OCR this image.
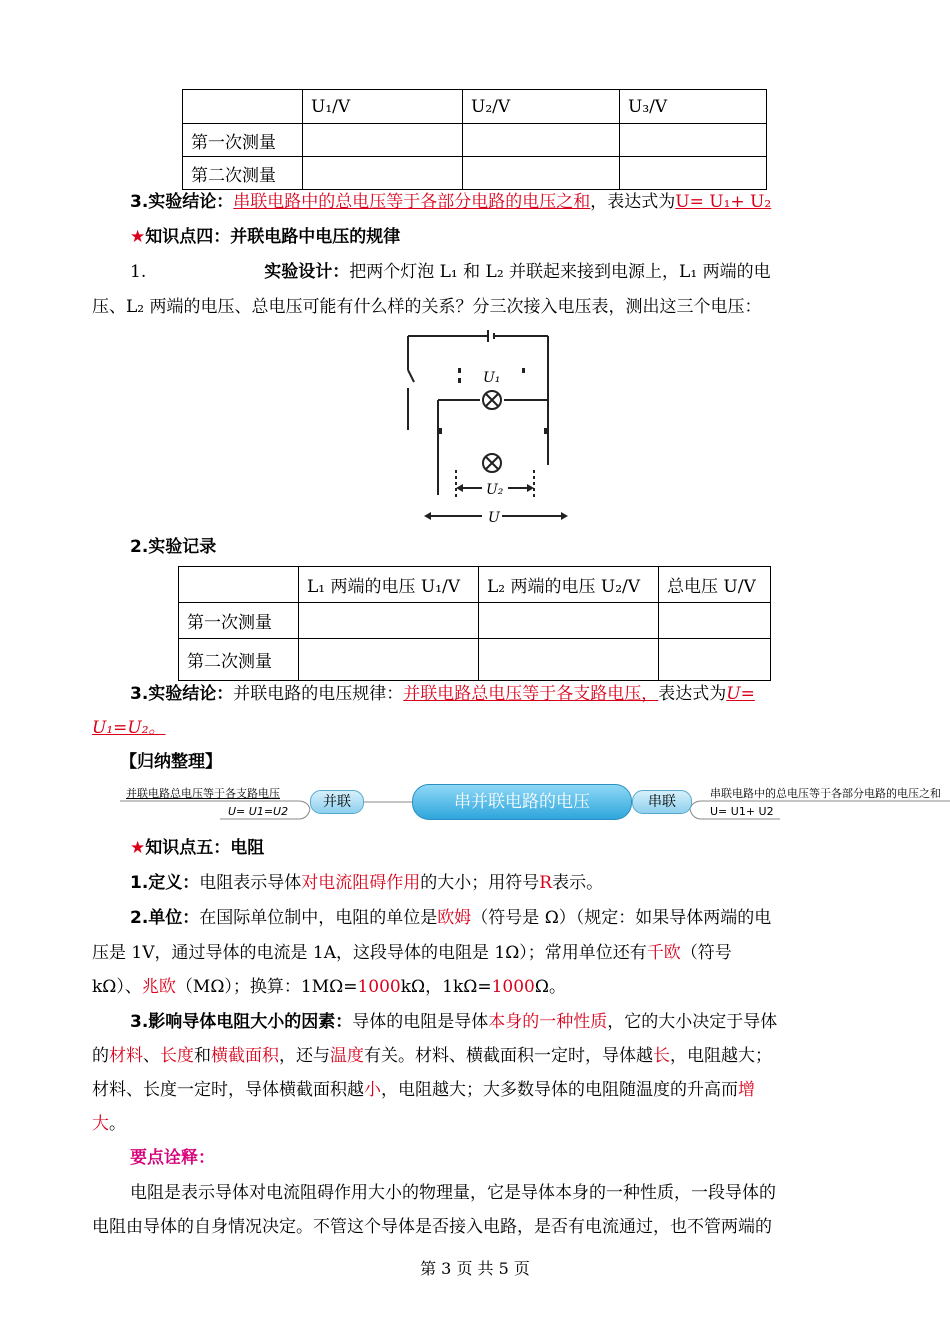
	U₁/V	U₂/V	U₃/V
第一次测量			
第二次测量			
3.实验结论：串联电路中的总电压等于各部分电路的电压之和，表达式为U= U₁+ U₂
★知识点四：并联电路中电压的规律
1.	实验设计：把两个灯泡 L₁ 和 L₂ 并联起来接到电源上，L₁ 两端的电
压、L₂ 两端的电压、总电压可能有什么样的关系？分三次接入电压表，测出这三个电压：
U₁
U₂
U
2.实验记录
	L₁ 两端的电压 U₁/V	L₂ 两端的电压 U₂/V	总电压 U/V
第一次测量			
第二次测量			
3.实验结论：并联电路的电压规律：并联电路总电压等于各支路电压，表达式为U=
U₁=U₂。
【归纳整理】
并联电路总电压等于各支路电压
U= U1=U2
并联	串并联电路的电压	串联
串联电路中的总电压等于各部分电路的电压之和
U= U1+ U2
★知识点五：电阻
1.定义：电阻表示导体对电流阻碍作用的大小；用符号R表示。
2.单位：在国际单位制中，电阻的单位是欧姆（符号是 Ω）（规定：如果导体两端的电
压是 1V，通过导体的电流是 1A，这段导体的电阻是 1Ω）；常用单位还有千欧（符号
kΩ）、兆欧（MΩ）；换算：1MΩ=1000kΩ，1kΩ=1000Ω。
3.影响导体电阻大小的因素：导体的电阻是导体本身的一种性质，它的大小决定于导体
的材料、长度和横截面积，还与温度有关。材料、横截面积一定时，导体越长，电阻越大；
材料、长度一定时，导体横截面积越小，电阻越大；大多数导体的电阻随温度的升高而增
大。
要点诠释：
电阻是表示导体对电流阻碍作用大小的物理量，它是导体本身的一种性质，一段导体的
电阻由导体的自身情况决定。不管这个导体是否接入电路，是否有电流通过，也不管两端的
第 3 页 共 5 页
